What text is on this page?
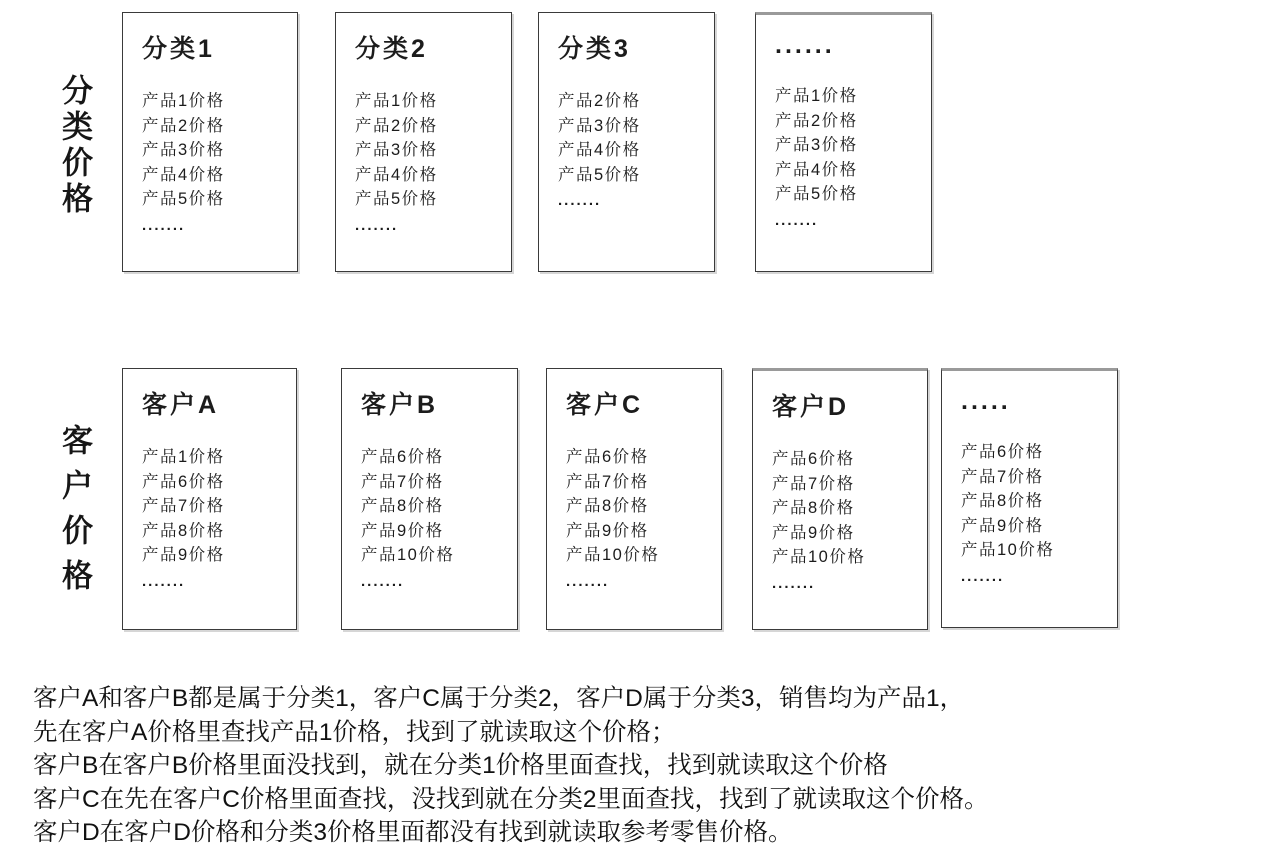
分类价格
客户价格
分类1
产品1价格
产品2价格
产品3价格
产品4价格
产品5价格
.......
分类2
产品1价格
产品2价格
产品3价格
产品4价格
产品5价格
.......
分类3
产品2价格
产品3价格
产品4价格
产品5价格
.......
......
产品1价格
产品2价格
产品3价格
产品4价格
产品5价格
.......
客户A
产品1价格
产品6价格
产品7价格
产品8价格
产品9价格
.......
客户B
产品6价格
产品7价格
产品8价格
产品9价格
产品10价格
.......
客户C
产品6价格
产品7价格
产品8价格
产品9价格
产品10价格
.......
客户D
产品6价格
产品7价格
产品8价格
产品9价格
产品10价格
.......
.....
产品6价格
产品7价格
产品8价格
产品9价格
产品10价格
.......
客户A和客户B都是属于分类1，客户C属于分类2，客户D属于分类3，销售均为产品1，
先在客户A价格里查找产品1价格，找到了就读取这个价格；
客户B在客户B价格里面没找到，就在分类1价格里面查找，找到就读取这个价格
客户C在先在客户C价格里面查找，没找到就在分类2里面查找，找到了就读取这个价格。
客户D在客户D价格和分类3价格里面都没有找到就读取参考零售价格。
